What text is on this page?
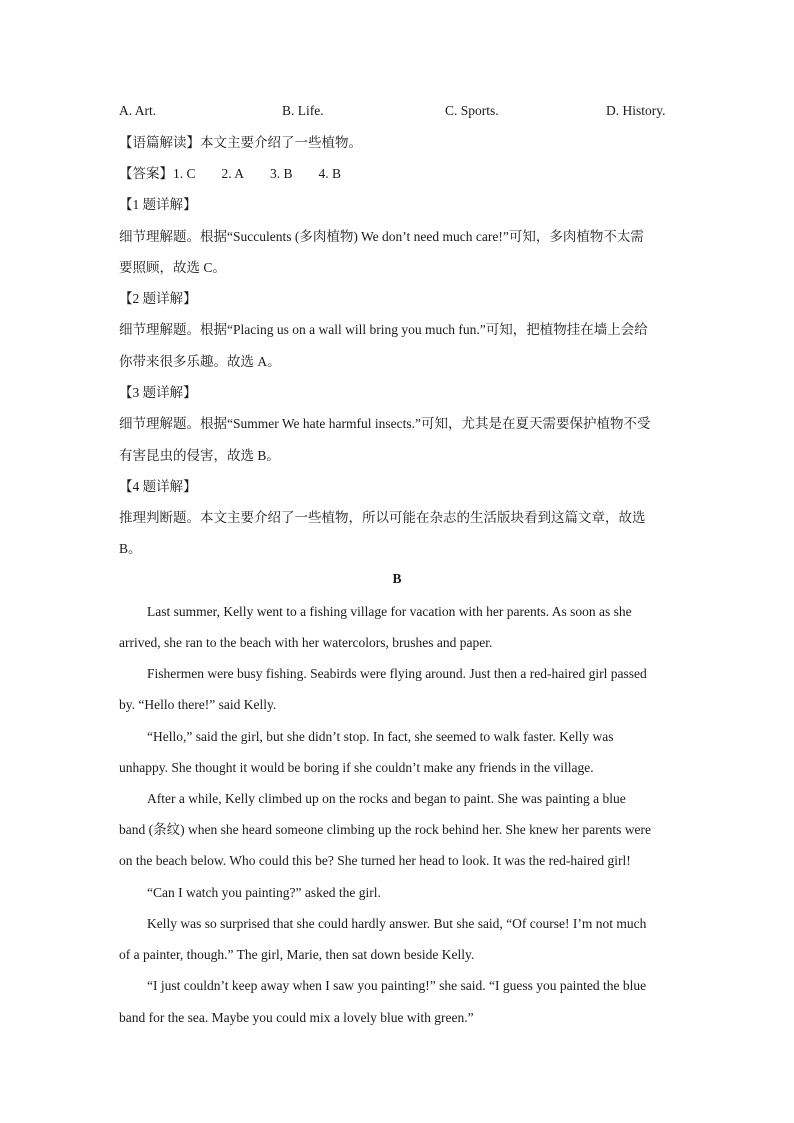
A. Art.	B. Life.	C. Sports.	D. History.
【语篇解读】本文主要介绍了一些植物。
【答案】1. C 2. A 3. B 4. B
【1 题详解】
细节理解题。根据“Succulents (多肉植物) We don’t need much care!”可知，多肉植物不太需
要照顾，故选 C。
【2 题详解】
细节理解题。根据“Placing us on a wall will bring you much fun.”可知，把植物挂在墙上会给
你带来很多乐趣。故选 A。
【3 题详解】
细节理解题。根据“Summer We hate harmful insects.”可知，尤其是在夏天需要保护植物不受
有害昆虫的侵害，故选 B。
【4 题详解】
推理判断题。本文主要介绍了一些植物，所以可能在杂志的生活版块看到这篇文章，故选
B。
B
Last summer, Kelly went to a fishing village for vacation with her parents. As soon as she
arrived, she ran to the beach with her watercolors, brushes and paper.
Fishermen were busy fishing. Seabirds were flying around. Just then a red-haired girl passed
by. “Hello there!” said Kelly.
“Hello,” said the girl, but she didn’t stop. In fact, she seemed to walk faster. Kelly was
unhappy. She thought it would be boring if she couldn’t make any friends in the village.
After a while, Kelly climbed up on the rocks and began to paint. She was painting a blue
band (条纹) when she heard someone climbing up the rock behind her. She knew her parents were
on the beach below. Who could this be? She turned her head to look. It was the red-haired girl!
“Can I watch you painting?” asked the girl.
Kelly was so surprised that she could hardly answer. But she said, “Of course! I’m not much
of a painter, though.” The girl, Marie, then sat down beside Kelly.
“I just couldn’t keep away when I saw you painting!” she said. “I guess you painted the blue
band for the sea. Maybe you could mix a lovely blue with green.”
